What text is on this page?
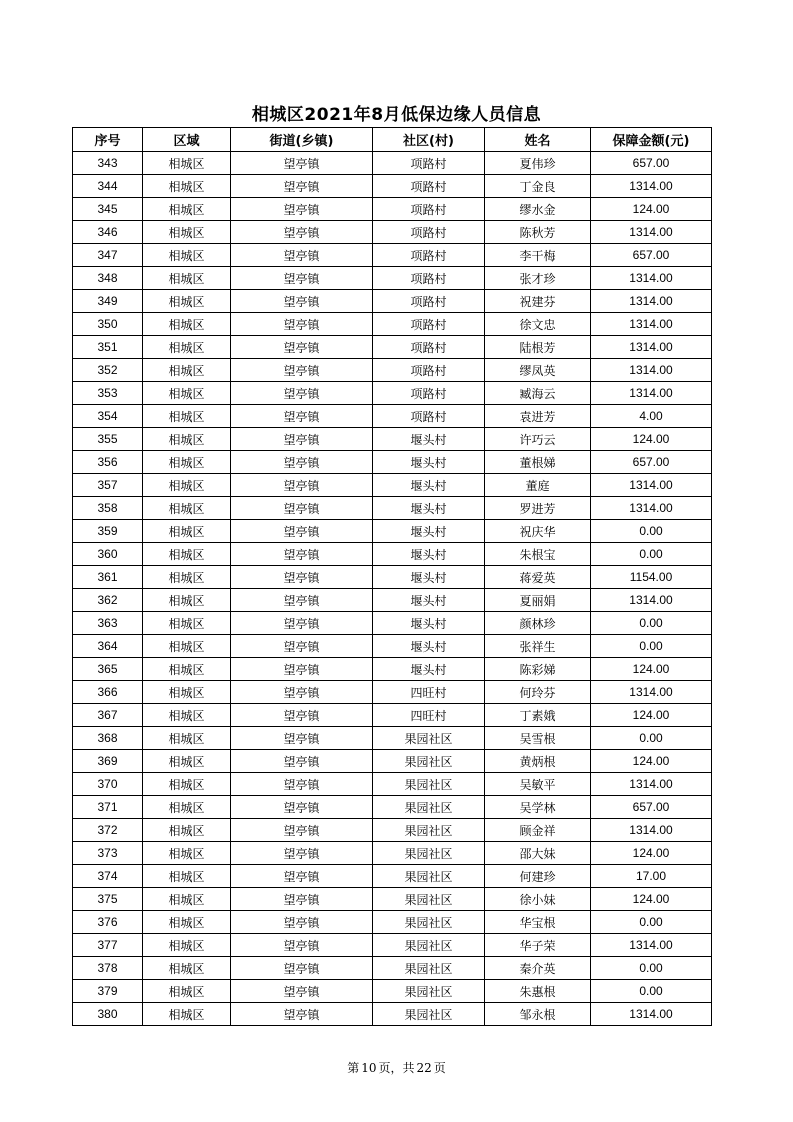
相城区2021年8月低保边缘人员信息
序号	区域	街道(乡镇)	社区(村)	姓名	保障金额(元)
343	相城区	望亭镇	项路村	夏伟珍	657.00
344	相城区	望亭镇	项路村	丁金良	1314.00
345	相城区	望亭镇	项路村	缪水金	124.00
346	相城区	望亭镇	项路村	陈秋芳	1314.00
347	相城区	望亭镇	项路村	李干梅	657.00
348	相城区	望亭镇	项路村	张才珍	1314.00
349	相城区	望亭镇	项路村	祝建芬	1314.00
350	相城区	望亭镇	项路村	徐文忠	1314.00
351	相城区	望亭镇	项路村	陆根芳	1314.00
352	相城区	望亭镇	项路村	缪凤英	1314.00
353	相城区	望亭镇	项路村	臧海云	1314.00
354	相城区	望亭镇	项路村	袁进芳	4.00
355	相城区	望亭镇	堰头村	许巧云	124.00
356	相城区	望亭镇	堰头村	董根娣	657.00
357	相城区	望亭镇	堰头村	董庭	1314.00
358	相城区	望亭镇	堰头村	罗进芳	1314.00
359	相城区	望亭镇	堰头村	祝庆华	0.00
360	相城区	望亭镇	堰头村	朱根宝	0.00
361	相城区	望亭镇	堰头村	蒋爱英	1154.00
362	相城区	望亭镇	堰头村	夏丽娟	1314.00
363	相城区	望亭镇	堰头村	颜林珍	0.00
364	相城区	望亭镇	堰头村	张祥生	0.00
365	相城区	望亭镇	堰头村	陈彩娣	124.00
366	相城区	望亭镇	四旺村	何玲芬	1314.00
367	相城区	望亭镇	四旺村	丁素娥	124.00
368	相城区	望亭镇	果园社区	吴雪根	0.00
369	相城区	望亭镇	果园社区	黄炳根	124.00
370	相城区	望亭镇	果园社区	吴敏平	1314.00
371	相城区	望亭镇	果园社区	吴学林	657.00
372	相城区	望亭镇	果园社区	顾金祥	1314.00
373	相城区	望亭镇	果园社区	邵大妹	124.00
374	相城区	望亭镇	果园社区	何建珍	17.00
375	相城区	望亭镇	果园社区	徐小妹	124.00
376	相城区	望亭镇	果园社区	华宝根	0.00
377	相城区	望亭镇	果园社区	华子荣	1314.00
378	相城区	望亭镇	果园社区	秦介英	0.00
379	相城区	望亭镇	果园社区	朱惠根	0.00
380	相城区	望亭镇	果园社区	邹永根	1314.00
第 10 页，共 22 页
